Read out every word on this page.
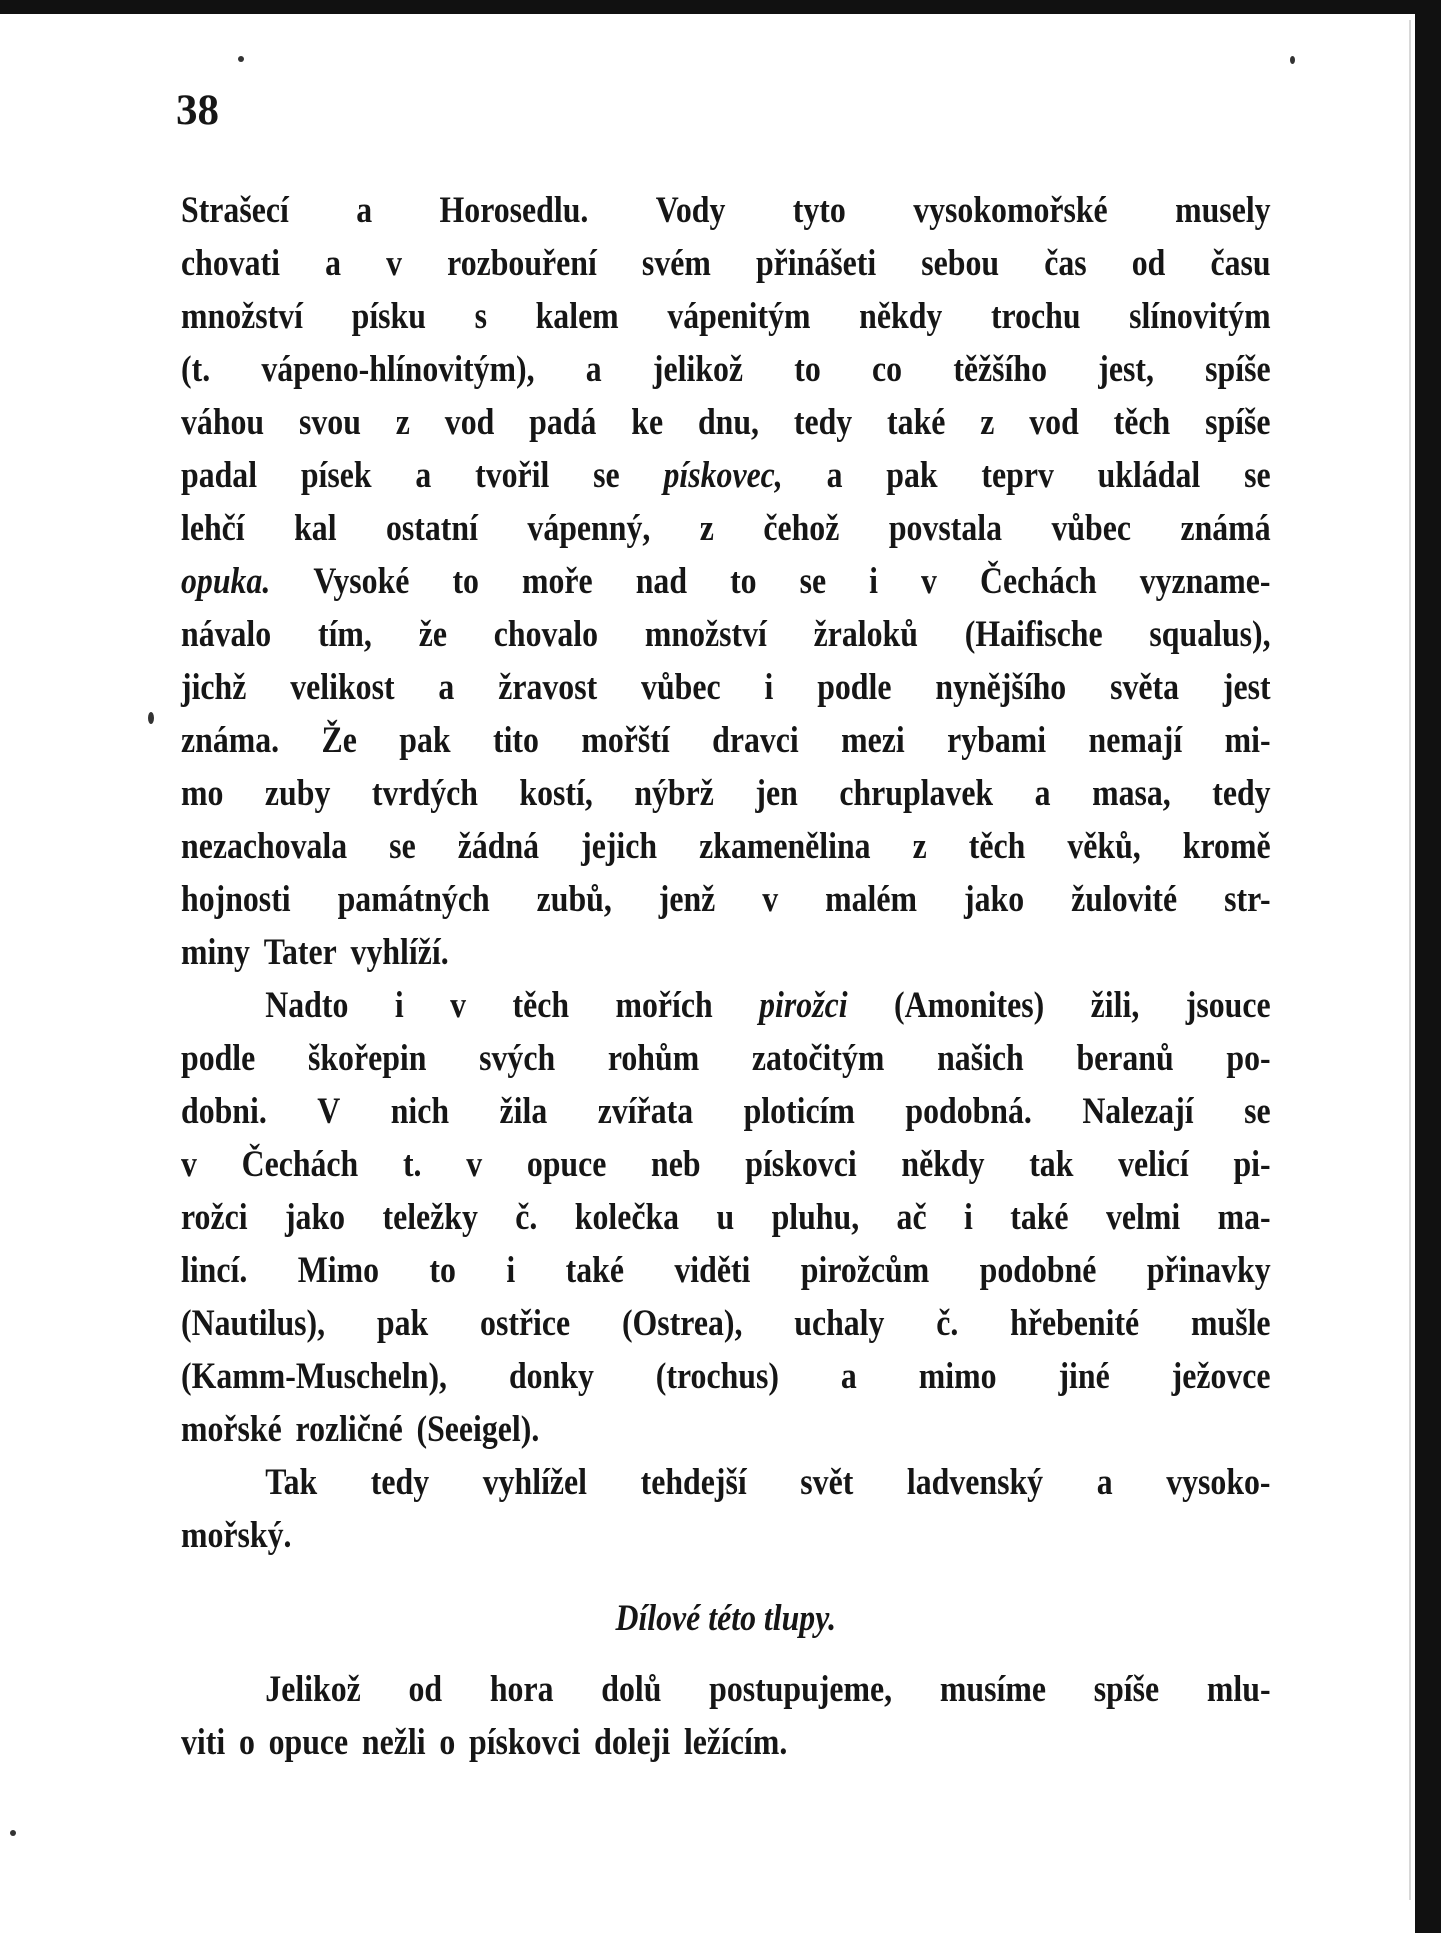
38
Strašecí a Horosedlu. Vody tyto vysokomořské musely
chovati a v rozbouření svém přinášeti sebou čas od času
množství písku s kalem vápenitým někdy trochu slínovitým
(t. vápeno-hlínovitým), a jelikož to co těžšího jest, spíše
váhou svou z vod padá ke dnu, tedy také z vod těch spíše
padal písek a tvořil se pískovec, a pak teprv ukládal se
lehčí kal ostatní vápenný, z čehož povstala vůbec známá
opuka. Vysoké to moře nad to se i v Čechách vyzname-
návalo tím, že chovalo množství žraloků (Haifische squalus),
jichž velikost a žravost vůbec i podle nynějšího světa jest
známa. Že pak tito mořští dravci mezi rybami nemají mi-
mo zuby tvrdých kostí, nýbrž jen chruplavek a masa, tedy
nezachovala se žádná jejich zkamenělina z těch věků, kromě
hojnosti památných zubů, jenž v malém jako žulovité str-
miny Tater vyhlíží.
Nadto i v těch mořích pirožci (Amonites) žili, jsouce
podle škořepin svých rohům zatočitým našich beranů po-
dobni. V nich žila zvířata ploticím podobná. Nalezají se
v Čechách t. v opuce neb pískovci někdy tak velicí pi-
rožci jako teležky č. kolečka u pluhu, ač i také velmi ma-
lincí. Mimo to i také viděti pirožcům podobné přinavky
(Nautilus), pak ostřice (Ostrea), uchaly č. hřebenité mušle
(Kamm-Muscheln), donky (trochus) a mimo jiné ježovce
mořské rozličné (Seeigel).
Tak tedy vyhlížel tehdejší svět ladvenský a vysoko-
mořský.
Dílové této tlupy.
Jelikož od hora dolů postupujeme, musíme spíše mlu-
viti o opuce nežli o pískovci doleji ležícím.
